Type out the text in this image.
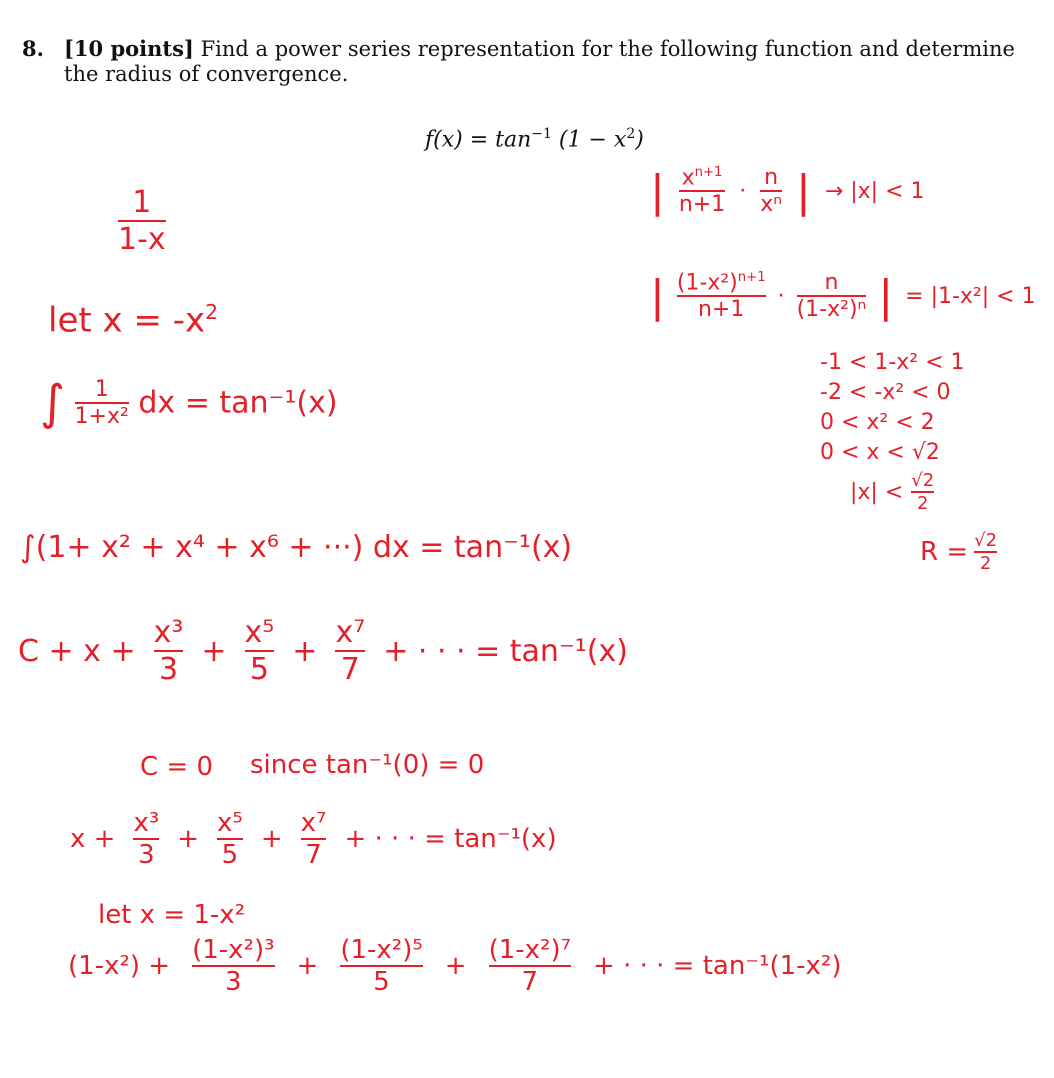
8. [10 points] Find a power series representation for the following function and determine the radius of convergence.
$f(x) = \tan^{-1} (1 - x^2)$
$\frac{1}{1-x}$
let $x = -x^2$
∫ $\frac{1}{\text{1+x²}}$ dx = tan⁻¹(x)
∫(1+ x² + x⁴ + x⁶ + ···) dx = tan⁻¹(x)
$C + x + \frac{\text{x³}}{3} + \frac{\text{x⁵}}{5} + \frac{\text{x⁷}}{7}$ + · · · = tan⁻¹(x)
C = 0 since tan⁻¹(0) = 0
$x + \frac{\text{x³}}{3} + \frac{\text{x⁵}}{5} + \frac{\text{x⁷}}{7}$ + · · · = tan⁻¹(x)
let x = 1-x²
$(1-x^2) + \frac{\text{(1-x²)³}}{3} + \frac{\text{(1-x²)⁵}}{5} + \frac{\text{(1-x²)⁷}}{7}$ + · · · = tan⁻¹(1-x²)
| $\frac{x^{n+1}}{n+1} \cdot \frac{n}{\text{xⁿ}}$ | → |x| < 1
| $\frac{(1-x^2)^{n+1}}{n+1} \cdot \frac{n}{\text{(1-x²)ⁿ}}$ | = |1-x²| < 1
-1 < 1-x² < 1
-2 < -x² < 0
0 < x² < 2
0 < x < √2
$|x| < \frac{√2}{2}$
$R = \frac{√2}{2}$
